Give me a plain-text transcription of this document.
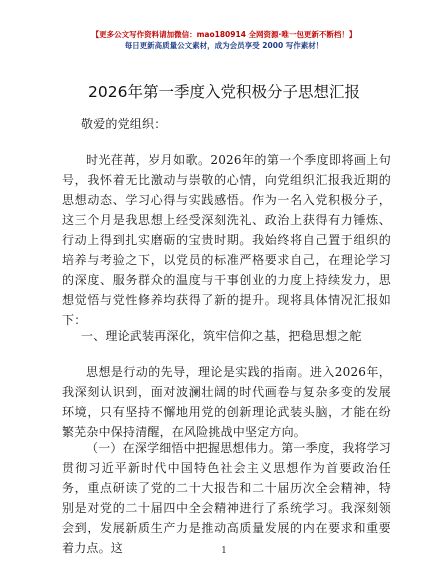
【更多公文写作资料请加微信：mao180914 全网资源·唯一包更新不断档！】
每日更新高质量公文素材，成为会员享受 2000 写作素材！
2026年第一季度入党积极分子思想汇报
敬爱的党组织：
时光荏苒，岁月如歌。2026年的第一个季度即将画上句号，我怀着无比激动与崇敬的心情，向党组织汇报我近期的思想动态、学习心得与实践感悟。作为一名入党积极分子，这三个月是我思想上经受深刻洗礼、政治上获得有力锤炼、行动上得到扎实磨砺的宝贵时期。我始终将自己置于组织的培养与考验之下，以党员的标准严格要求自己，在理论学习的深度、服务群众的温度与干事创业的力度上持续发力，思想觉悟与党性修养均获得了新的提升。现将具体情况汇报如下：
一、理论武装再深化，筑牢信仰之基，把稳思想之舵
思想是行动的先导，理论是实践的指南。进入2026年，我深刻认识到，面对波澜壮阔的时代画卷与复杂多变的发展环境，只有坚持不懈地用党的创新理论武装头脑，才能在纷繁芜杂中保持清醒，在风险挑战中坚定方向。
（一）在深学细悟中把握思想伟力。第一季度，我将学习贯彻习近平新时代中国特色社会主义思想作为首要政治任务，重点研读了党的二十大报告和二十届历次全会精神，特别是对党的二十届四中全会精神进行了系统学习。我深刻领会到，发展新质生产力是推动高质量发展的内在要求和重要着力点。这	1
